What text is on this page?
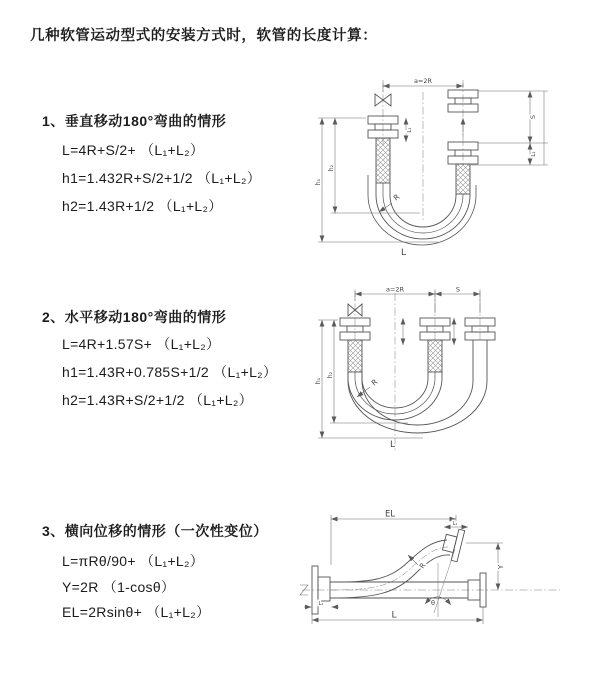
几种软管运动型式的安装方式时，软管的长度计算：
1、垂直移动180°弯曲的情形
L=4R+S/2+ （L₁+L₂）
h1=1.432R+S/2+1/2 （L₁+L₂）
h2=1.43R+1/2 （L₁+L₂）
2、水平移动180°弯曲的情形
L=4R+1.57S+ （L₁+L₂）
h1=1.43R+0.785S+1/2 （L₁+L₂）
h2=1.43R+S/2+1/2 （L₁+L₂）
3、横向位移的情形（一次性变位）
L=πRθ/90+ （L₁+L₂）
Y=2R （1-cosθ）
EL=2Rsinθ+ （L₁+L₂）
a=2R
S
L₁
L₁
h₁
h₂
R
L
a=2R	S
h₁
h₂
R
L
EL
L₁
Y
R
θ
L
L₁
